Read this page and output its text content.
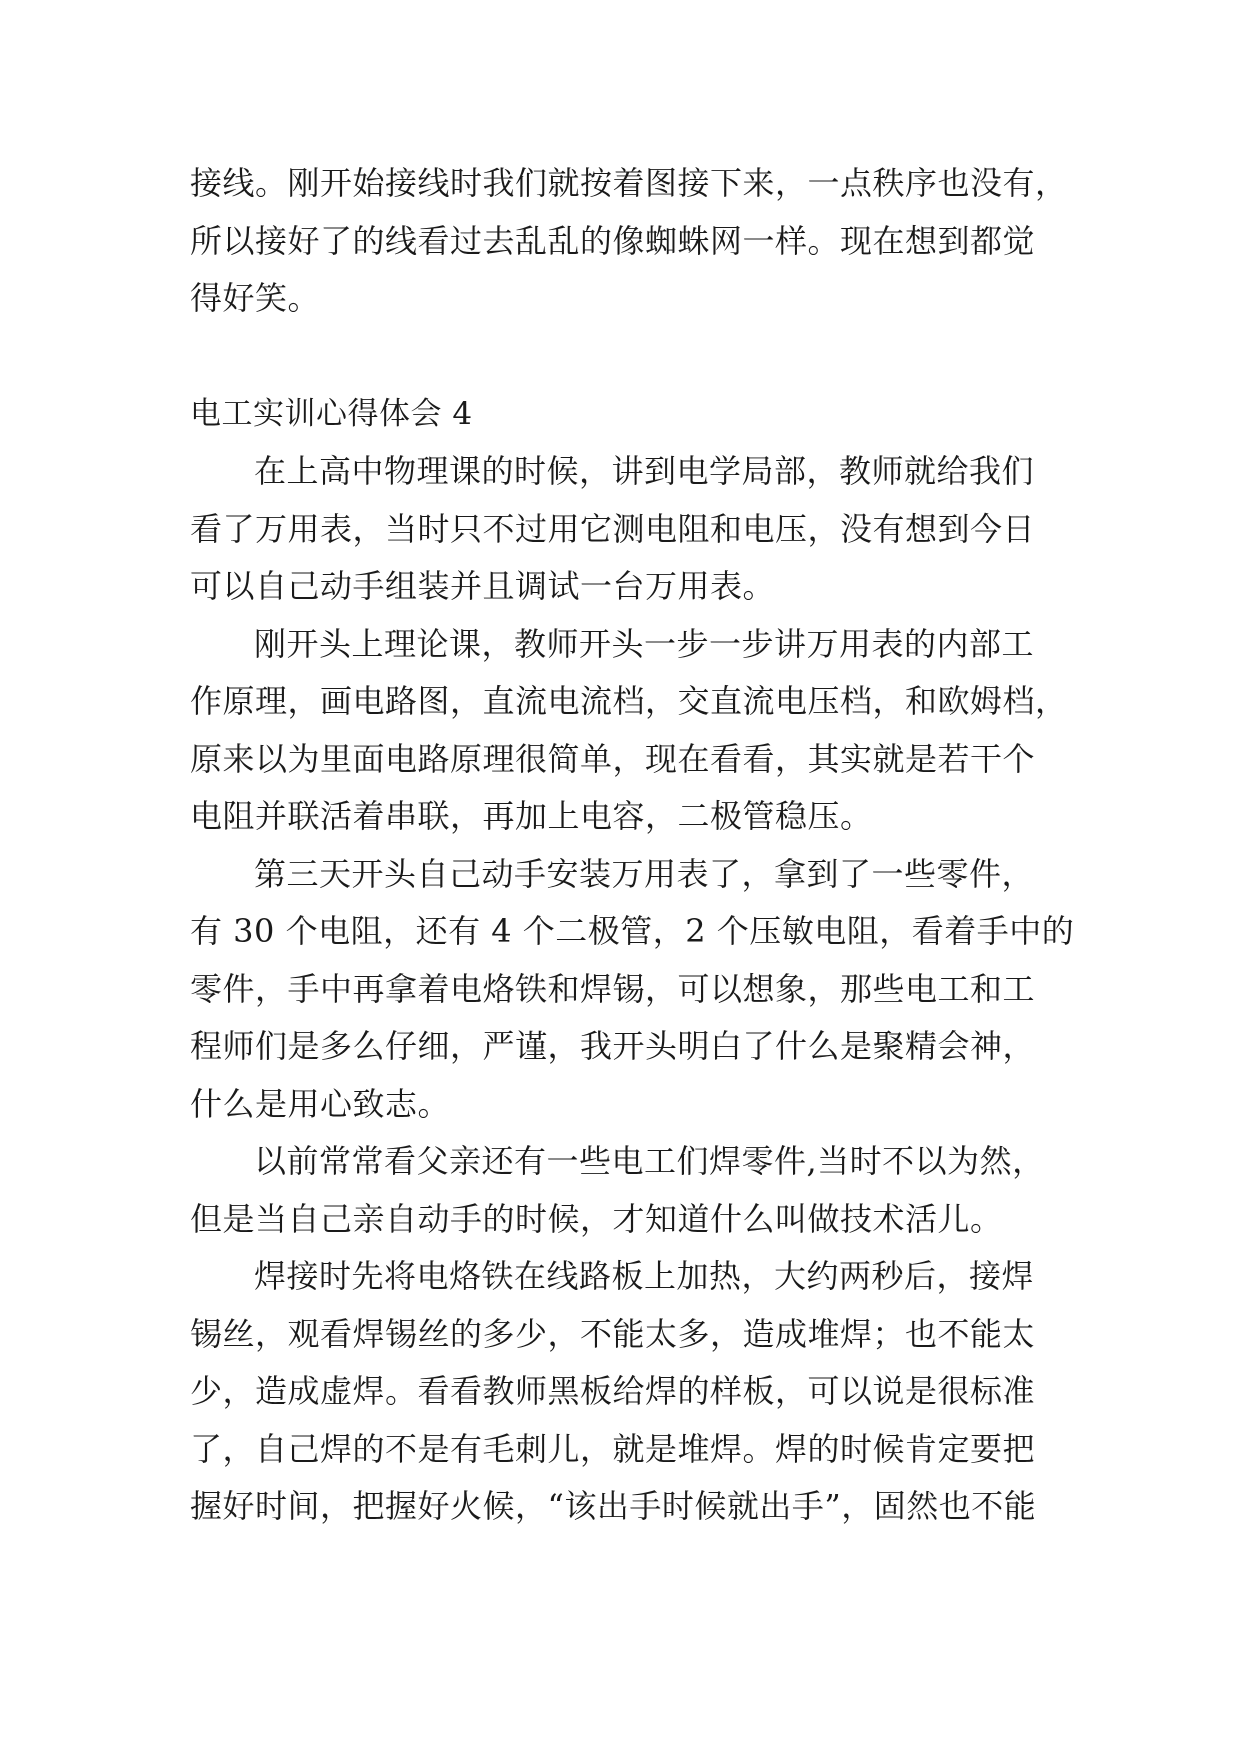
接线。刚开始接线时我们就按着图接下来，一点秩序也没有，
所以接好了的线看过去乱乱的像蜘蛛网一样。现在想到都觉
得好笑。
电工实训心得体会 4
在上高中物理课的时候，讲到电学局部，教师就给我们
看了万用表，当时只不过用它测电阻和电压，没有想到今日
可以自己动手组装并且调试一台万用表。
刚开头上理论课，教师开头一步一步讲万用表的内部工
作原理，画电路图，直流电流档，交直流电压档，和欧姆档，
原来以为里面电路原理很简单，现在看看，其实就是若干个
电阻并联活着串联，再加上电容，二极管稳压。
第三天开头自己动手安装万用表了，拿到了一些零件，
有 30 个电阻，还有 4 个二极管，2 个压敏电阻，看着手中的
零件，手中再拿着电烙铁和焊锡，可以想象，那些电工和工
程师们是多么仔细，严谨，我开头明白了什么是聚精会神，
什么是用心致志。
以前常常看父亲还有一些电工们焊零件,当时不以为然，
但是当自己亲自动手的时候，才知道什么叫做技术活儿。
焊接时先将电烙铁在线路板上加热，大约两秒后，接焊
锡丝，观看焊锡丝的多少，不能太多，造成堆焊；也不能太
少，造成虚焊。看看教师黑板给焊的样板，可以说是很标准
了，自己焊的不是有毛刺儿，就是堆焊。焊的时候肯定要把
握好时间，把握好火候，“该出手时候就出手”，固然也不能
